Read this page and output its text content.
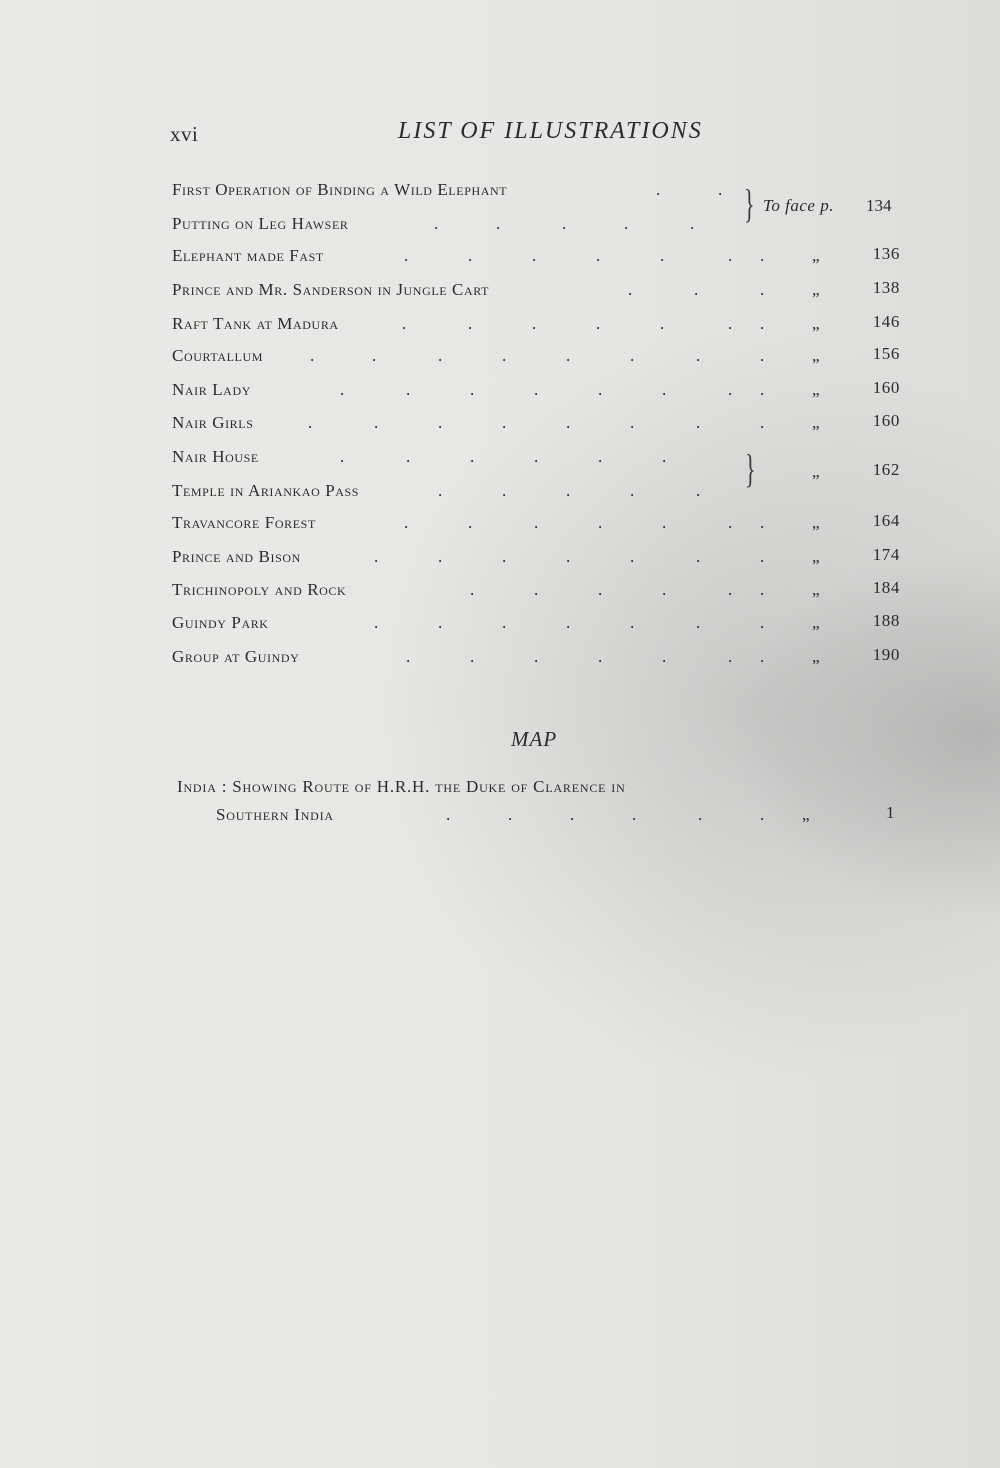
xvi	LIST OF ILLUSTRATIONS
First Operation of Binding a Wild Elephant	.	.
Putting on Leg Hawser	.	.	.	.	. } To face p. 134
Elephant made Fast	.	.	.	.	.	. .	„	136
Prince and Mr. Sanderson in Jungle Cart	.	.	.	„	138
Raft Tank at Madura	.	.	.	.	.	. .	„	146
Courtallum	.	.	.	.	.	.	.	.	„	156
Nair Lady	.	.	.	.	.	.	. .	„	160
Nair Girls	.	.	.	.	.	.	.	.	„	160
Nair House	.	.	.	.	.	.
Temple in Ariankao Pass	.	.	.	.	. }	„	162
Travancore Forest	.	.	.	.	.	. .	„	164
Prince and Bison	.	.	.	.	.	.	.	„	174
Trichinopoly and Rock	.	.	.	.	. .	„	184
Guindy Park	.	.	.	.	.	.	.	„	188
Group at Guindy	.	.	.	.	.	. .	„	190
MAP
India : Showing Route of H.R.H. the Duke of Clarence in
Southern India	.	.	.	.	.	. „	1
